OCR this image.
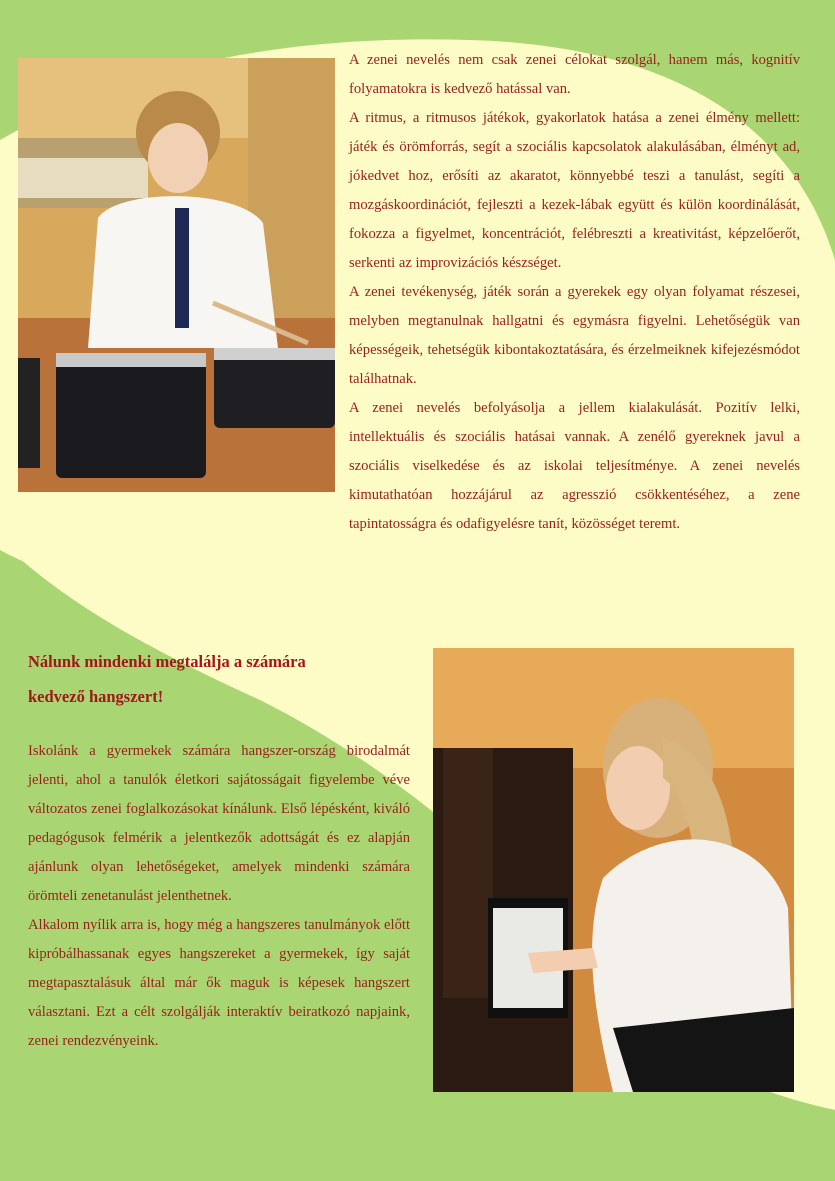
A zenei nevelés nem csak zenei célokat szolgál, hanem más, kognitív folyamatokra is kedvező hatással van.

A ritmus, a ritmusos játékok, gyakorlatok hatása a zenei élmény mellett: játék és örömforrás, segít a szociális kapcsolatok alakulásában, élményt ad, jókedvet hoz, erősíti az akaratot, könnyebbé teszi a tanulást, segíti a mozgáskoordinációt, fejleszti a kezek-lábak együtt és külön koordinálását, fokozza a figyelmet, koncentrációt, felébreszti a kreativitást, képzelőerőt, serkenti az improvizációs készséget.

A zenei tevékenység, játék során a gyerekek egy olyan folyamat részesei, melyben megtanulnak hallgatni és egymásra figyelni. Lehetőségük van képességeik, tehetségük kibontakoztatására, és érzelmeiknek kifejezésmódot találhatnak.

A zenei nevelés befolyásolja a jellem kialakulását. Pozitív lelki, intellektuális és szociális hatásai vannak. A zenélő gyereknek javul a szociális viselkedése és az iskolai teljesítménye. A zenei nevelés kimutathatóan hozzájárul az agresszió csökkentéséhez, a zene tapintatosságra és odafigyelésre tanít, közösséget teremt.

Nálunk mindenki megtalálja a számára
kedvező hangszert!

Iskolánk a gyermekek számára hangszer-ország birodalmát jelenti, ahol a tanulók életkori sajátosságait figyelembe véve változatos zenei foglalkozásokat kínálunk. Első lépésként, kiváló pedagógusok felmérik a jelentkezők adottságát és ez alapján ajánlunk olyan lehetőségeket, amelyek mindenki számára örömteli zenetanulást jelenthetnek.

Alkalom nyílik arra is, hogy még a hangszeres tanulmányok előtt kipróbálhassanak egyes hangszereket a gyermekek, így saját megtapasztalásuk által már ők maguk is képesek hangszert választani. Ezt a célt szolgálják interaktív beiratkozó napjaink, zenei rendezvényeink.
